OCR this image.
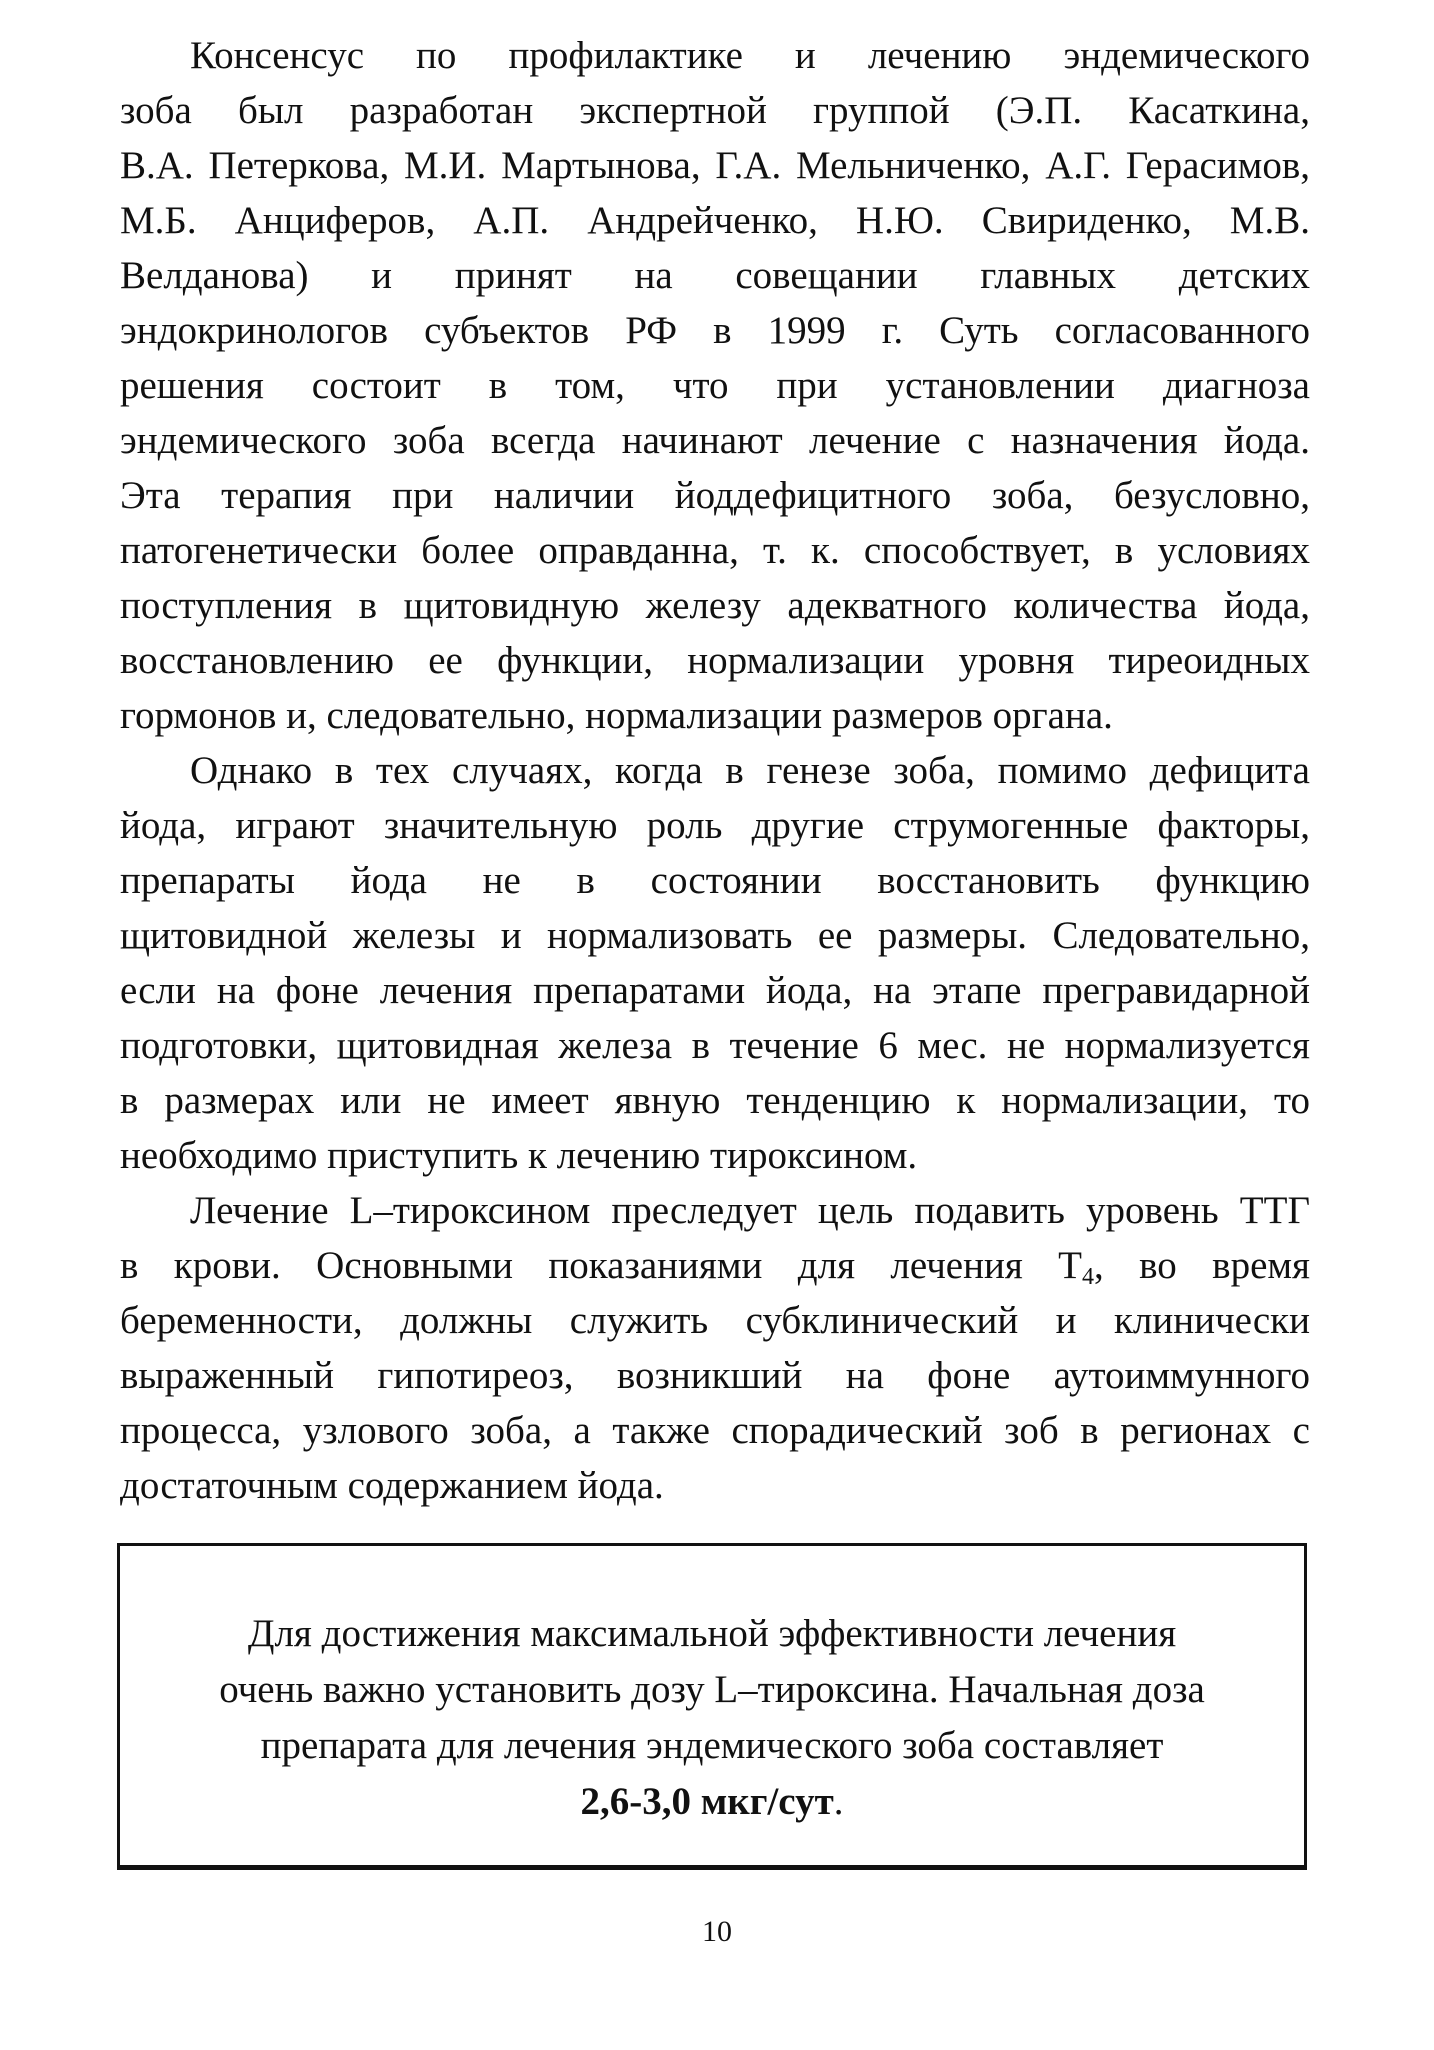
Консенсус по профилактике и лечению эндемического
зоба был разработан экспертной группой (Э.П. Касаткина,
В.А. Петеркова, М.И. Мартынова, Г.А. Мельниченко, А.Г. Герасимов,
М.Б. Анциферов, А.П. Андрейченко, Н.Ю. Свириденко, М.В.
Велданова) и принят на совещании главных детских
эндокринологов субъектов РФ в 1999 г. Суть согласованного
решения состоит в том, что при установлении диагноза
эндемического зоба всегда начинают лечение с назначения йода.
Эта терапия при наличии йоддефицитного зоба, безусловно,
патогенетически более оправданна, т. к. способствует, в условиях
поступления в щитовидную железу адекватного количества йода,
восстановлению ее функции, нормализации уровня тиреоидных
гормонов и, следовательно, нормализации размеров органа.
Однако в тех случаях, когда в генезе зоба, помимо дефицита
йода, играют значительную роль другие струмогенные факторы,
препараты йода не в состоянии восстановить функцию
щитовидной железы и нормализовать ее размеры. Следовательно,
если на фоне лечения препаратами йода, на этапе прегравидарной
подготовки, щитовидная железа в течение 6 мес. не нормализуется
в размерах или не имеет явную тенденцию к нормализации, то
необходимо приступить к лечению тироксином.
Лечение L–тироксином преследует цель подавить уровень ТТГ
в крови. Основными показаниями для лечения $Т_4$, во время
беременности, должны служить субклинический и клинически
выраженный гипотиреоз, возникший на фоне аутоиммунного
процесса, узлового зоба, а также спорадический зоб в регионах с
достаточным содержанием йода.
Для достижения максимальной эффективности лечения
очень важно установить дозу L–тироксина. Начальная доза
препарата для лечения эндемического зоба составляет
2,6-3,0 мкг/сут.
10
